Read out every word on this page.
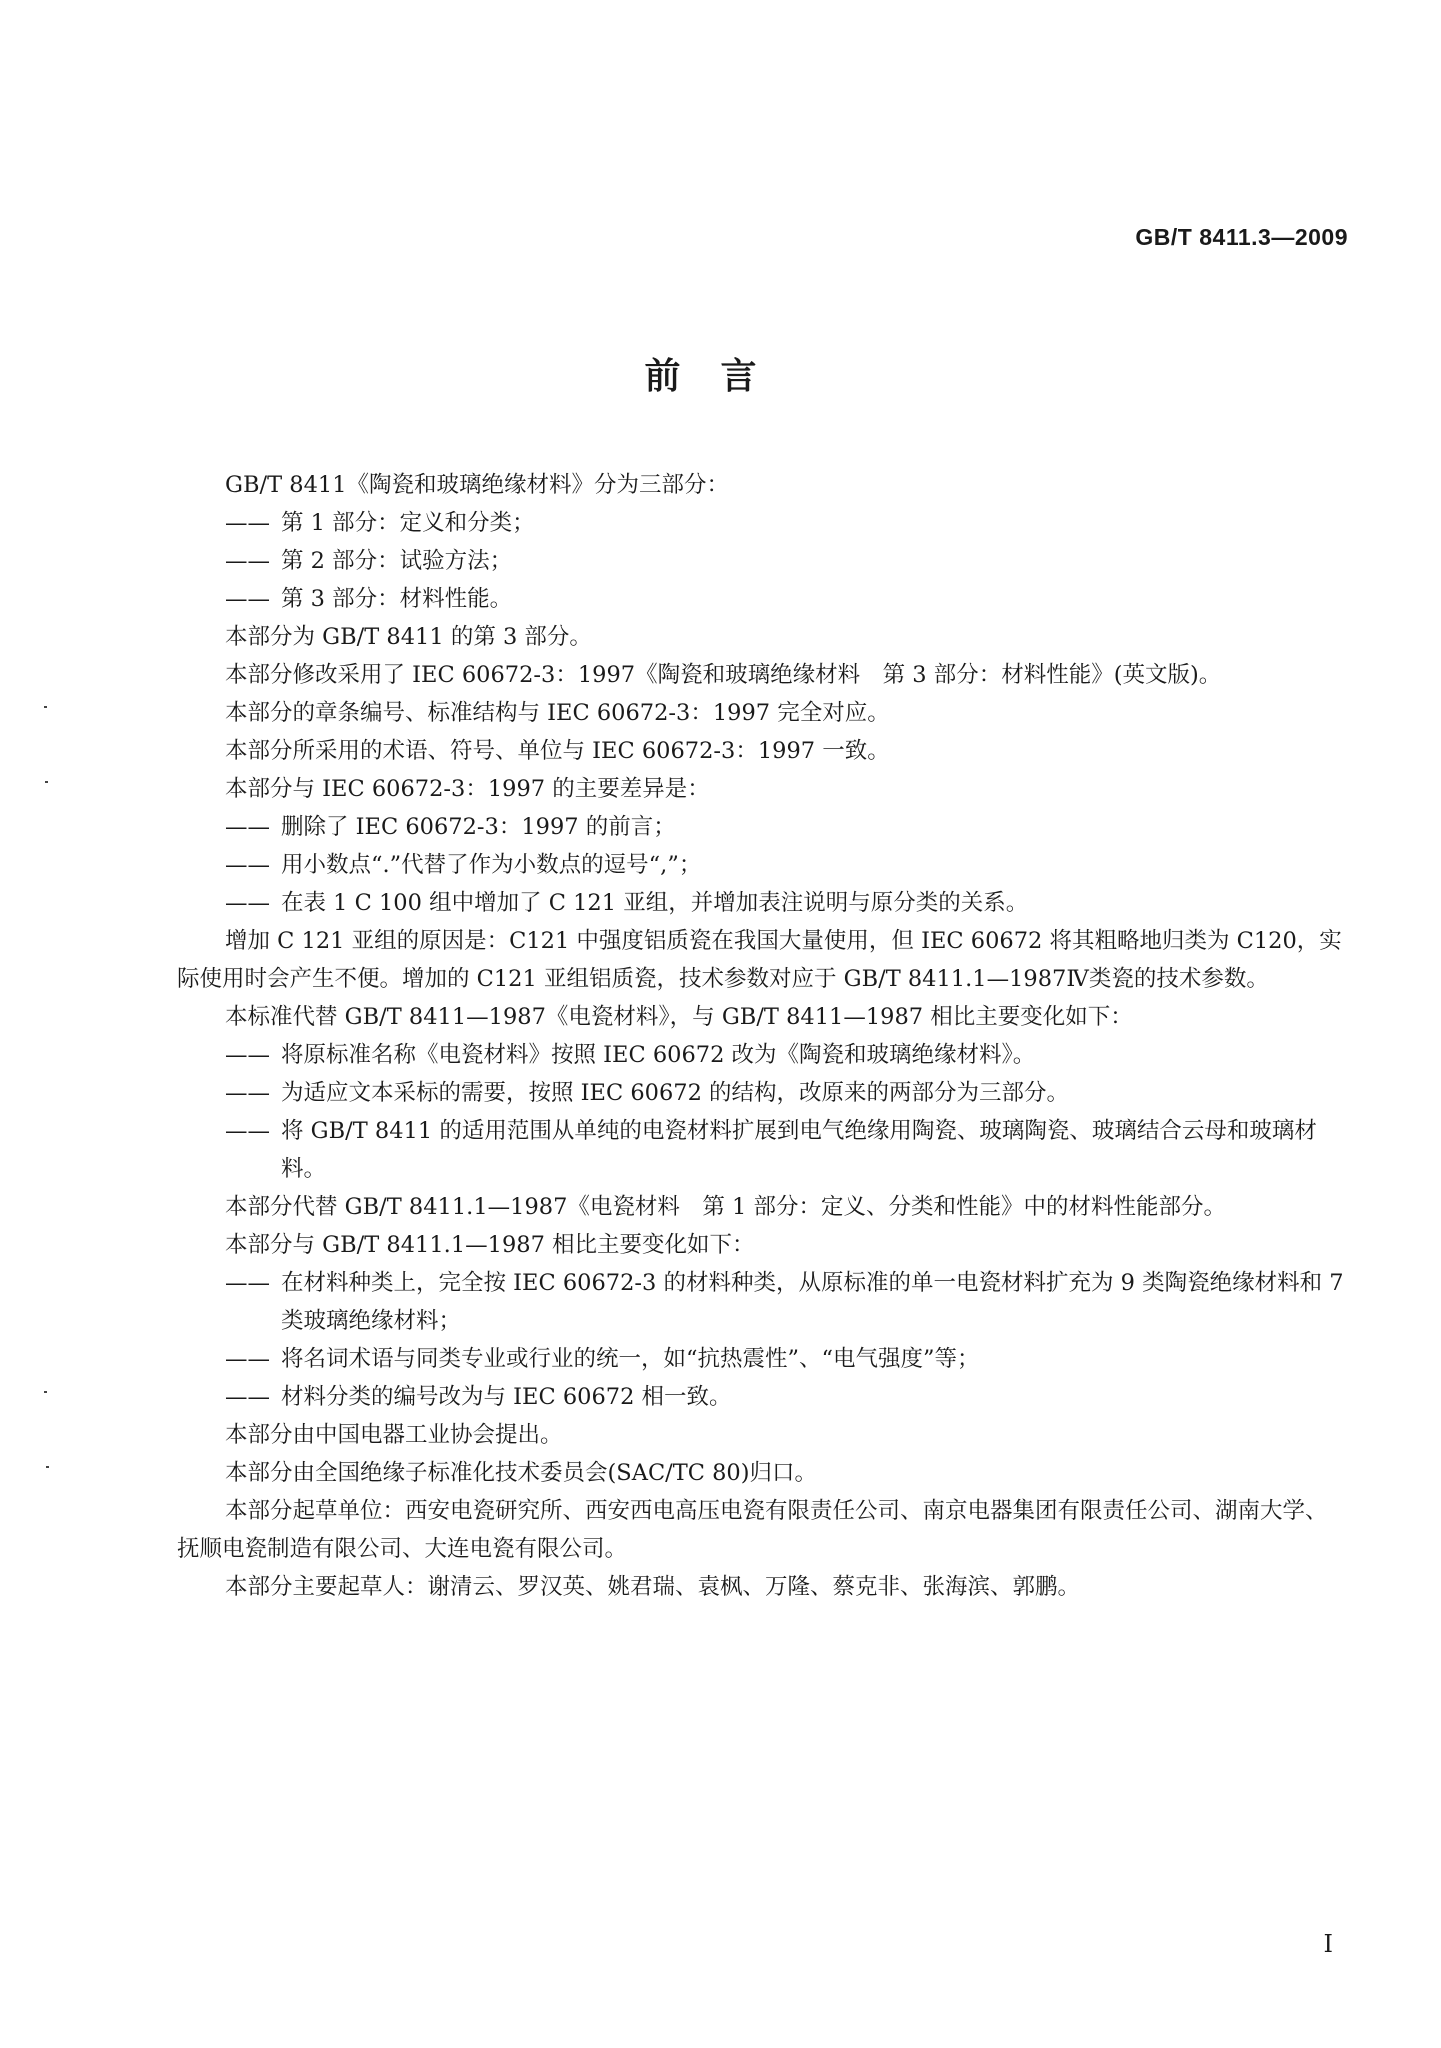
GB/T 8411.3—2009
前言

GB/T 8411《陶瓷和玻璃绝缘材料》分为三部分：

—— 第 1 部分：定义和分类；

—— 第 2 部分：试验方法；

—— 第 3 部分：材料性能。

本部分为 GB/T 8411 的第 3 部分。

本部分修改采用了 IEC 60672-3：1997《陶瓷和玻璃绝缘材料　第 3 部分：材料性能》(英文版)。

本部分的章条编号、标准结构与 IEC 60672-3：1997 完全对应。

本部分所采用的术语、符号、单位与 IEC 60672-3：1997 一致。

本部分与 IEC 60672-3：1997 的主要差异是：

—— 删除了 IEC 60672-3：1997 的前言；

—— 用小数点“.”代替了作为小数点的逗号“,”；

—— 在表 1 C 100 组中增加了 C 121 亚组，并增加表注说明与原分类的关系。

增加 C 121 亚组的原因是：C121 中强度铝质瓷在我国大量使用，但 IEC 60672 将其粗略地归类为 C120，实际使用时会产生不便。增加的 C121 亚组铝质瓷，技术参数对应于 GB/T 8411.1—1987Ⅳ类瓷的技术参数。

本标准代替 GB/T 8411—1987《电瓷材料》，与 GB/T 8411—1987 相比主要变化如下：

—— 将原标准名称《电瓷材料》按照 IEC 60672 改为《陶瓷和玻璃绝缘材料》。

—— 为适应文本采标的需要，按照 IEC 60672 的结构，改原来的两部分为三部分。

—— 将 GB/T 8411 的适用范围从单纯的电瓷材料扩展到电气绝缘用陶瓷、玻璃陶瓷、玻璃结合云母和玻璃材料。

本部分代替 GB/T 8411.1—1987《电瓷材料　第 1 部分：定义、分类和性能》中的材料性能部分。

本部分与 GB/T 8411.1—1987 相比主要变化如下：

—— 在材料种类上，完全按 IEC 60672-3 的材料种类，从原标准的单一电瓷材料扩充为 9 类陶瓷绝缘材料和 7 类玻璃绝缘材料；

—— 将名词术语与同类专业或行业的统一，如“抗热震性”、“电气强度”等；

—— 材料分类的编号改为与 IEC 60672 相一致。

本部分由中国电器工业协会提出。

本部分由全国绝缘子标准化技术委员会(SAC/TC 80)归口。

本部分起草单位：西安电瓷研究所、西安西电高压电瓷有限责任公司、南京电器集团有限责任公司、湖南大学、抚顺电瓷制造有限公司、大连电瓷有限公司。

本部分主要起草人：谢清云、罗汉英、姚君瑞、袁枫、万隆、蔡克非、张海滨、郭鹏。

I
